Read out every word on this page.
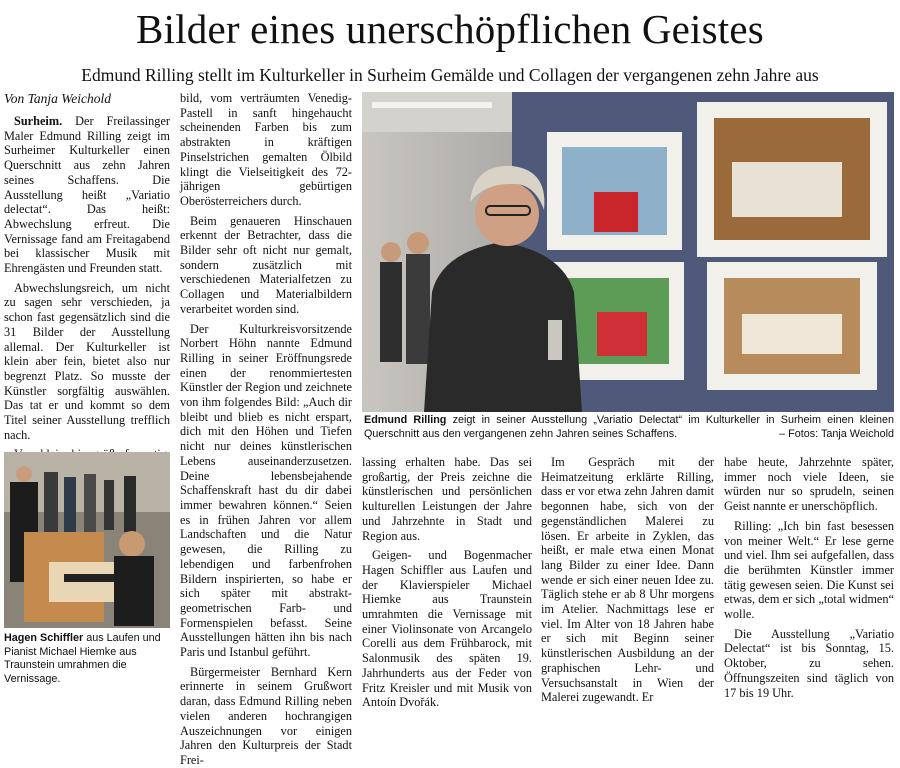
Bilder eines unerschöpflichen Geistes
Edmund Rilling stellt im Kulturkeller in Surheim Gemälde und Collagen der vergangenen zehn Jahre aus
Von Tanja Weichold

Surheim. Der Freilassinger Maler Edmund Rilling zeigt im Surheimer Kulturkeller einen Querschnitt aus zehn Jahren seines Schaffens. Die Ausstellung heißt „Variatio delectat“. Das heißt: Abwechslung erfreut. Die Vernissage fand am Freitagabend bei klassischer Musik mit Ehrengästen und Freunden statt.

Abwechslungsreich, um nicht zu sagen sehr verschieden, ja schon fast gegensätzlich sind die 31 Bilder der Ausstellung allemal. Der Kulturkeller ist klein aber fein, bietet also nur begrenzt Platz. So musste der Künstler sorgfältig auswählen. Das tat er und kommt so dem Titel seiner Ausstellung trefflich nach.

Hagen Schiffler aus Laufen und Pianist Michael Hiemke aus Traunstein umrahmen die Vernissage.

bild, vom verträumten Venedig-Pastell in sanft hingehaucht scheinenden Farben bis zum abstrakten in kräftigen Pinselstrichen gemalten Ölbild klingt die Vielseitigkeit des 72-jährigen gebürtigen Oberösterreichers durch.

Beim genaueren Hinschauen erkennt der Betrachter, dass die Bilder sehr oft nicht nur gemalt, sondern zusätzlich mit verschiedenen Materialfetzen zu Collagen und Materialbildern verarbeitet worden sind.

Der Kulturkreisvorsitzende Norbert Höhn nannte Edmund Rilling in seiner Eröffnungsrede einen der renommiertesten Künstler der Region und zeichnete von ihm folgendes Bild: „Auch dir bleibt und blieb es nicht erspart, dich mit den Höhen und Tiefen nicht nur deines künstlerischen Lebens auseinanderzusetzen. Deine lebensbejahende Schaffenskraft hast du dir dabei immer bewahren können.“ Seien es in frühen Jahren vor allem Landschaften und die Natur gewesen, die Rilling zu lebendigen und farbenfrohen Bildern inspirierten, so habe er sich später mit abstrakt-geometrischen Farb- und Formenspielen befasst. Seine Ausstellungen hätten ihn bis nach Paris und Istanbul geführt.

Bürgermeister Bernhard Kern erinnerte in seinem Grußwort daran, dass Edmund Rilling neben vielen anderen hochrangigen Auszeichnungen vor einigen Jahren den Kulturpreis der Stadt Frei-

Edmund Rilling zeigt in seiner Ausstellung „Variatio Delectat“ im Kulturkeller in Surheim einen kleinen Querschnitt aus den vergangenen zehn Jahren seines Schaffens.	– Fotos: Tanja Weichold

lassing erhalten habe. Das sei großartig, der Preis zeichne die künstlerischen und persönlichen kulturellen Leistungen der Jahre und Jahrzehnte in Stadt und Region aus.

Geigen- und Bogenmacher Hagen Schiffler aus Laufen und der Klavierspieler Michael Hiemke aus Traunstein umrahmten die Vernissage mit einer Violinsonate von Arcangelo Corelli aus dem Frühbarock, mit Salonmusik des späten 19. Jahrhunderts aus der Feder von Fritz Kreisler und mit Musik von Antoín Dvořák.

Im Gespräch mit der Heimatzeitung erklärte Rilling, dass er vor etwa zehn Jahren damit begonnen habe, sich von der gegenständlichen Malerei zu lösen. Er arbeite in Zyklen, das heißt, er male etwa einen Monat lang Bilder zu einer Idee. Dann wende er sich einer neuen Idee zu. Täglich stehe er ab 8 Uhr morgens im Atelier. Nachmittags lese er viel. Im Alter von 18 Jahren habe er sich mit Beginn seiner künstlerischen Ausbildung an der graphischen Lehr- und Versuchsanstalt in Wien der Malerei zugewandt. Er

habe heute, Jahrzehnte später, immer noch viele Ideen, sie würden nur so sprudeln, seinen Geist nannte er unerschöpflich.

Rilling: „Ich bin fast besessen von meiner Welt.“ Er lese gerne und viel. Ihm sei aufgefallen, dass die berühmten Künstler immer tätig gewesen seien. Die Kunst sei etwas, dem er sich „total widmen“ wolle.

Die Ausstellung „Variatio Delectat“ ist bis Sonntag, 15. Oktober, zu sehen. Öffnungszeiten sind täglich von 17 bis 19 Uhr.
